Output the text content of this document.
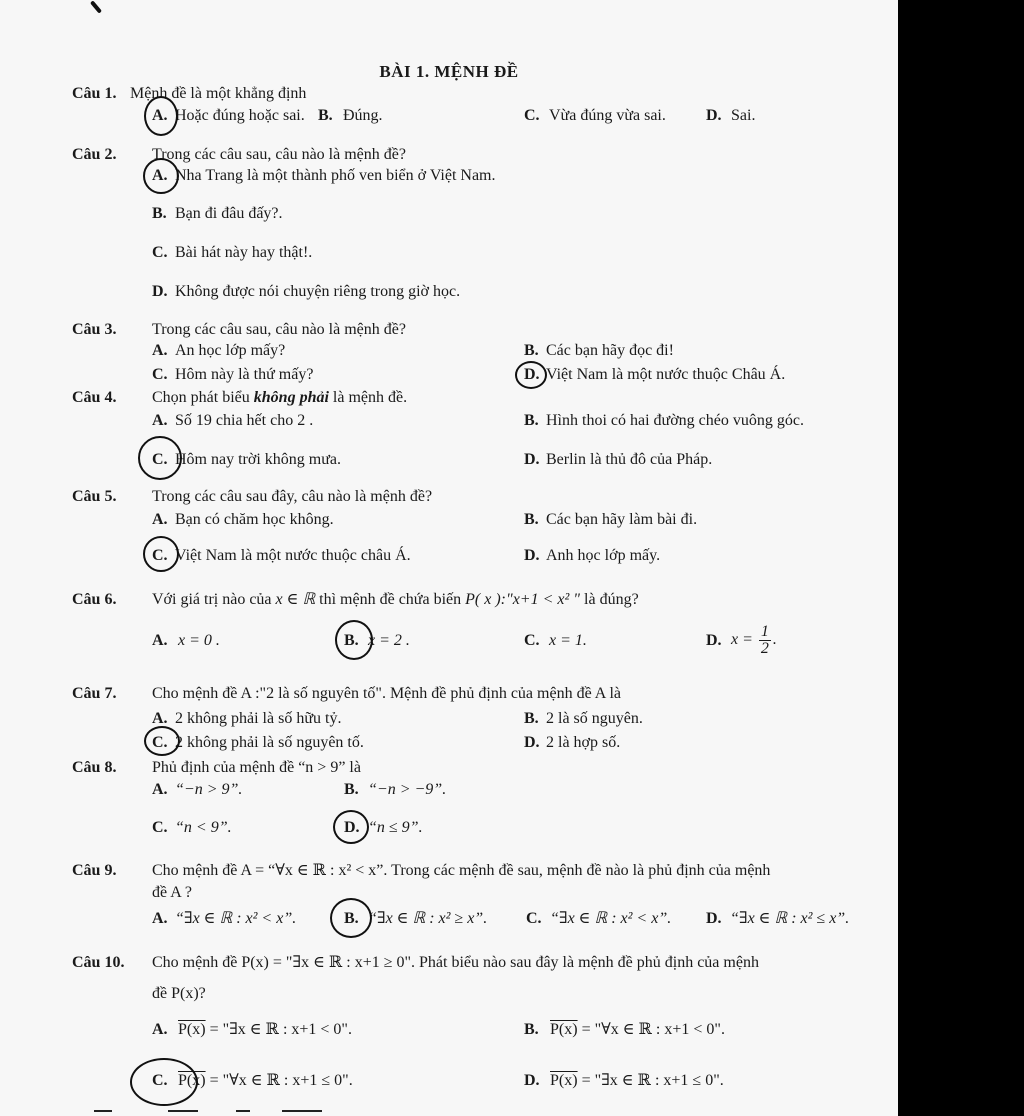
BÀI 1. MỆNH ĐỀ
Câu 1. Mệnh đề là một khẳng định
A. Hoặc đúng hoặc sai. B. Đúng.	C. Vừa đúng vừa sai.	D. Sai.
Câu 2. Trong các câu sau, câu nào là mệnh đề?
A. Nha Trang là một thành phố ven biển ở Việt Nam.
B. Bạn đi đâu đấy?.
C. Bài hát này hay thật!.
D. Không được nói chuyện riêng trong giờ học.
Câu 3. Trong các câu sau, câu nào là mệnh đề?
A. An học lớp mấy?	B. Các bạn hãy đọc đi!
C. Hôm này là thứ mấy?	D. Việt Nam là một nước thuộc Châu Á.
Câu 4. Chọn phát biểu không phải là mệnh đề.
A. Số 19 chia hết cho 2 .	B. Hình thoi có hai đường chéo vuông góc.
C. Hôm nay trời không mưa.	D. Berlin là thủ đô của Pháp.
Câu 5. Trong các câu sau đây, câu nào là mệnh đề?
A. Bạn có chăm học không.	B. Các bạn hãy làm bài đi.
C. Việt Nam là một nước thuộc châu Á.	D. Anh học lớp mấy.
Câu 6. Với giá trị nào của x ∈ ℝ thì mệnh đề chứa biến P( x ):"x+1 < x² " là đúng?
A. x = 0 .	B. x = 2 .	C. x = 1.	D. $x = \frac{1}{2}$ .
Câu 7. Cho mệnh đề A :"2 là số nguyên tố". Mệnh đề phủ định của mệnh đề A là
A. 2 không phải là số hữu tỷ.	B. 2 là số nguyên.
C. 2 không phải là số nguyên tố.	D. 2 là hợp số.
Câu 8. Phủ định của mệnh đề “n > 9” là
A. “−n > 9”.	B. “−n > −9”.
C. “n < 9”.	D. “n ≤ 9”.
Câu 9. Cho mệnh đề A = “∀x ∈ ℝ : x² < x”. Trong các mệnh đề sau, mệnh đề nào là phủ định của mệnh
đề A ?
A. “∃x ∈ ℝ : x² < x”.	B. “∃x ∈ ℝ : x² ≥ x”. C. “∃x ∈ ℝ : x² < x”. D. “∃x ∈ ℝ : x² ≤ x”.
Câu 10. Cho mệnh đề P(x) = "∃x ∈ ℝ : x+1 ≥ 0". Phát biểu nào sau đây là mệnh đề phủ định của mệnh
đề P(x)?
A. P(x) = "∃x ∈ ℝ : x+1 < 0".	B. P(x) = "∀x ∈ ℝ : x+1 < 0".
C. P(x) = "∀x ∈ ℝ : x+1 ≤ 0".	D. P(x) = "∃x ∈ ℝ : x+1 ≤ 0".
